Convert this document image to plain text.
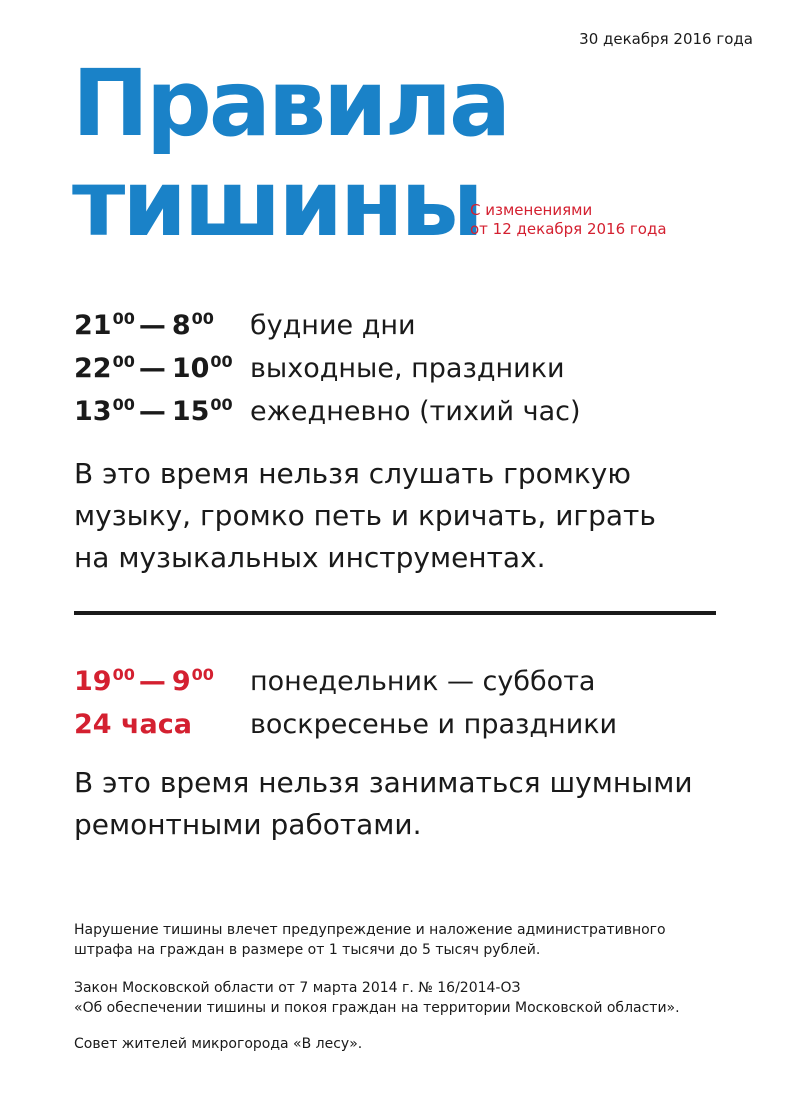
30 декабря 2016 года
Правила
тишины
С изменениями
от 12 декабря 2016 года
$21^{00}$ — $8^{00}$ будние дни
$22^{00}$ — $10^{00}$ выходные, праздники
$13^{00}$ — $15^{00}$ ежедневно (тихий час)
В это время нельзя слушать громкую
музыку, громко петь и кричать, играть
на музыкальных инструментах.
$19^{00}$ — $9^{00}$ понедельник — суббота
24 часа воскресенье и праздники
В это время нельзя заниматься шумными
ремонтными работами.
Нарушение тишины влечет предупреждение и наложение административного
штрафа на граждан в размере от 1 тысячи до 5 тысяч рублей.
Закон Московской области от 7 марта 2014 г. № 16/2014-ОЗ
«Об обеспечении тишины и покоя граждан на территории Московской области».
Совет жителей микрогорода «В лесу».
